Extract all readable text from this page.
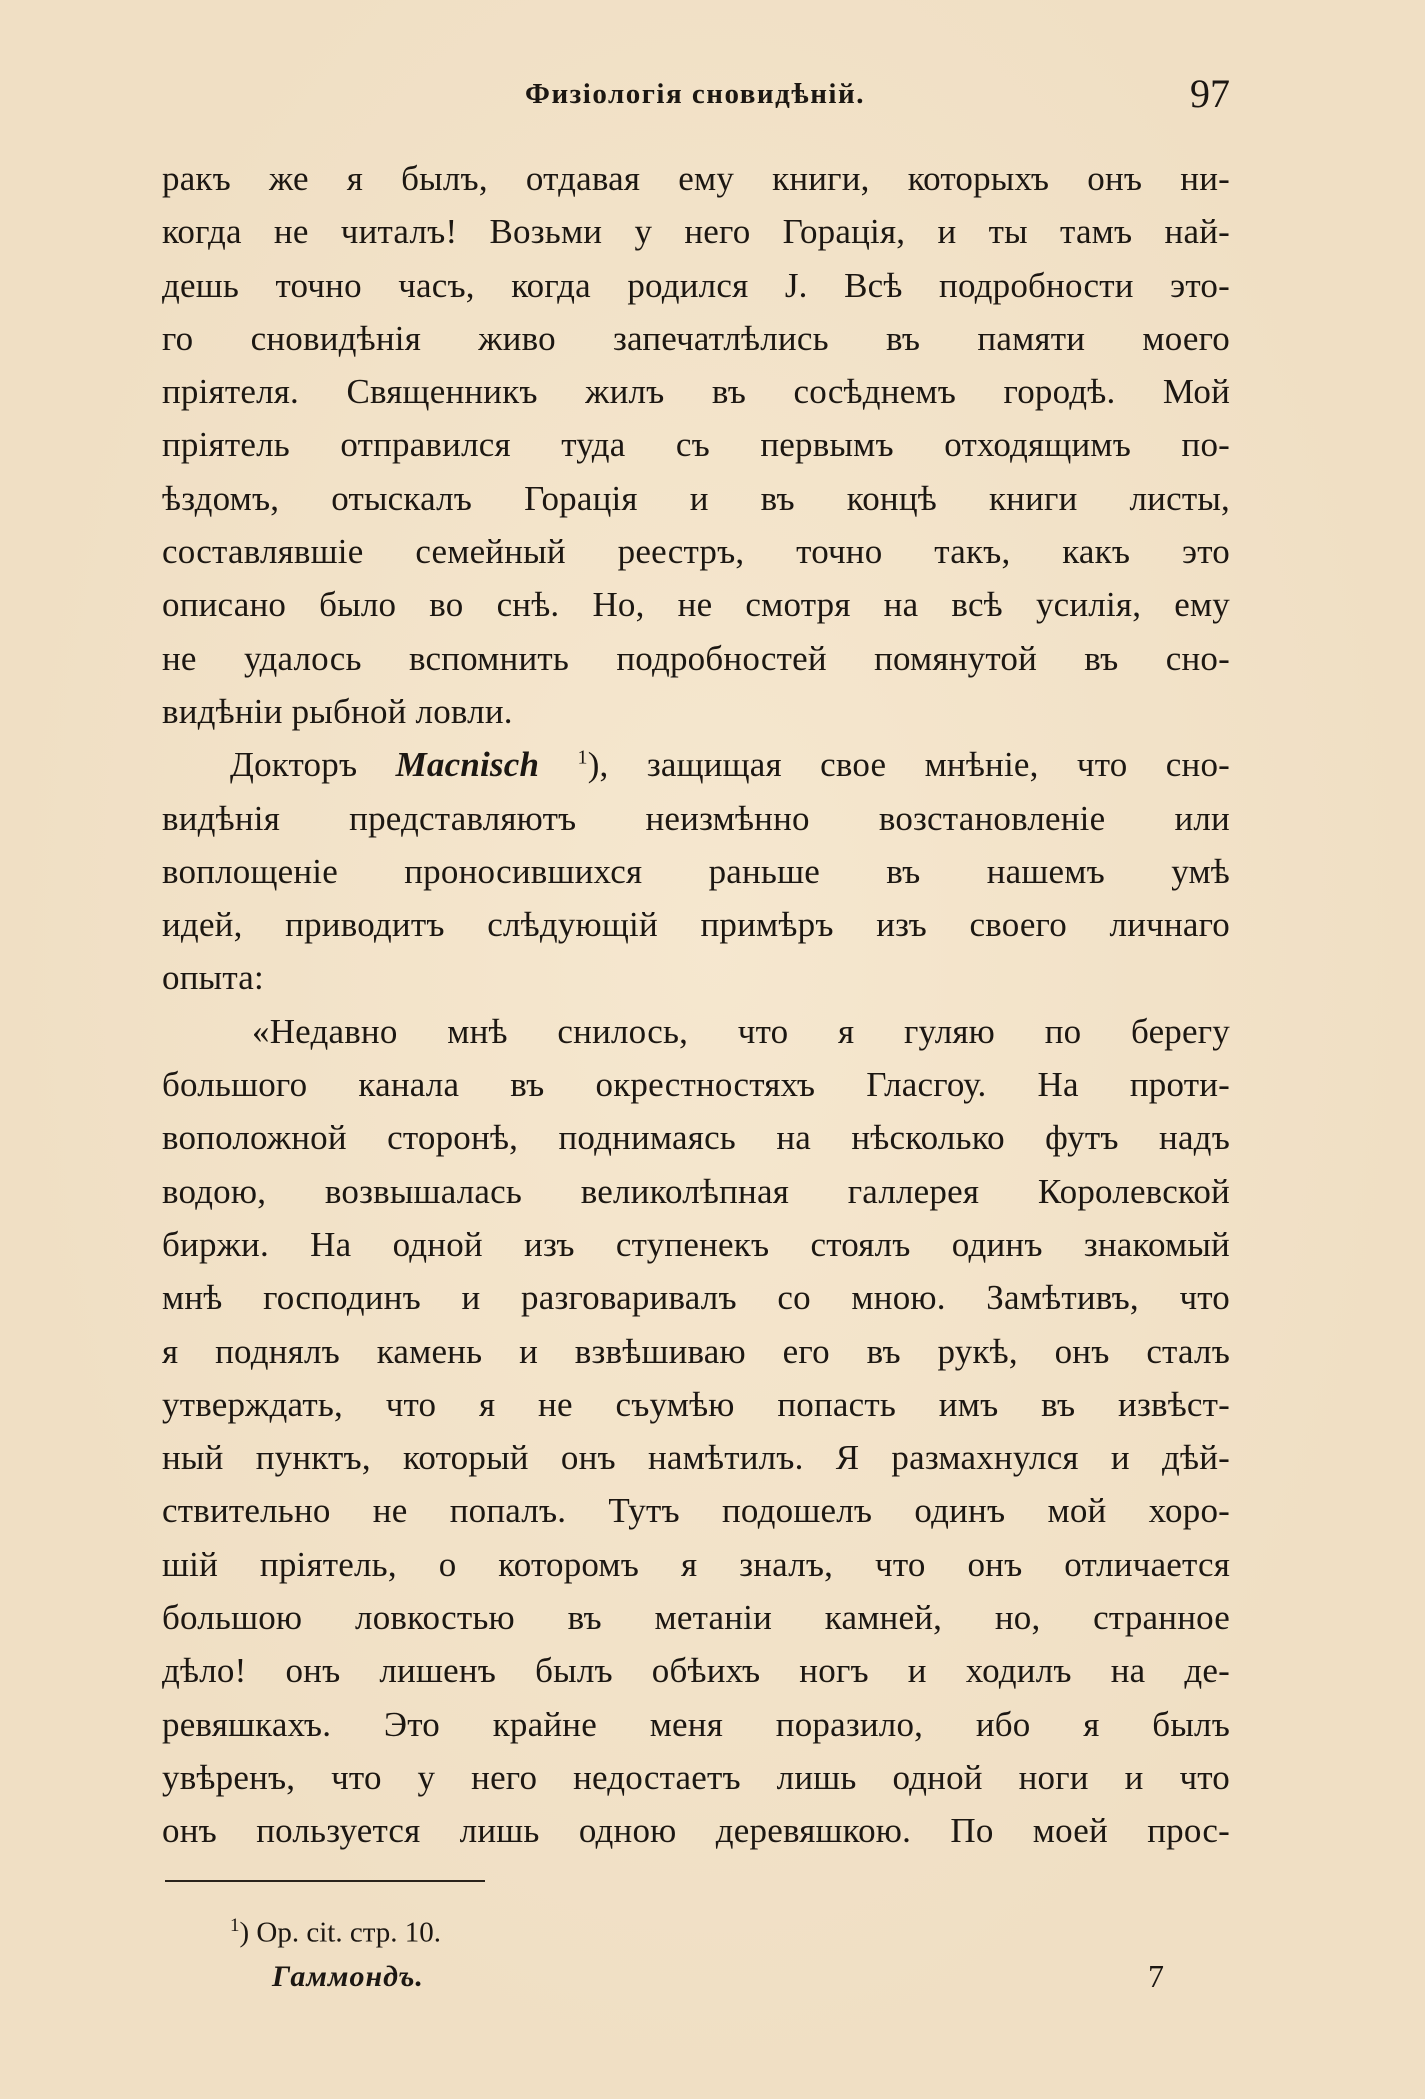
Физіологія сновидѣній.	97
ракъ же я былъ, отдавая ему книги, которыхъ онъ ни-
когда не читалъ! Возьми у него Горація, и ты тамъ най-
дешь точно часъ, когда родился J. Всѣ подробности это-
го сновидѣнія живо запечатлѣлись въ памяти моего
пріятеля. Священникъ жилъ въ сосѣднемъ городѣ. Мой
пріятель отправился туда съ первымъ отходящимъ по-
ѣздомъ, отыскалъ Горація и въ концѣ книги листы,
составлявшіе семейный реестръ, точно такъ, какъ это
описано было во снѣ. Но, не смотря на всѣ усилія, ему
не удалось вспомнить подробностей помянутой въ сно-
видѣніи рыбной ловли.
Докторъ Macnisch $^1$), защищая свое мнѣніе, что сно-
видѣнія представляютъ неизмѣнно возстановленіе или
воплощеніе проносившихся раньше въ нашемъ умѣ
идей, приводитъ слѣдующій примѣръ изъ своего личнаго
опыта:
«Недавно мнѣ снилось, что я гуляю по берегу
большого канала въ окрестностяхъ Гласгоу. На проти-
воположной сторонѣ, поднимаясь на нѣсколько футъ надъ
водою, возвышалась великолѣпная галлерея Королевской
биржи. На одной изъ ступенекъ стоялъ одинъ знакомый
мнѣ господинъ и разговаривалъ со мною. Замѣтивъ, что
я поднялъ камень и взвѣшиваю его въ рукѣ, онъ сталъ
утверждать, что я не съумѣю попасть имъ въ извѣст-
ный пунктъ, который онъ намѣтилъ. Я размахнулся и дѣй-
ствительно не попалъ. Тутъ подошелъ одинъ мой хоро-
шій пріятель, о которомъ я зналъ, что онъ отличается
большою ловкостью въ метаніи камней, но, странное
дѣло! онъ лишенъ былъ обѣихъ ногъ и ходилъ на де-
ревяшкахъ. Это крайне меня поразило, ибо я былъ
увѣренъ, что у него недостаетъ лишь одной ноги и что
онъ пользуется лишь одною деревяшкою. По моей прос-
$^1$) Op. cit. стр. 10.
Гаммондъ.	7
